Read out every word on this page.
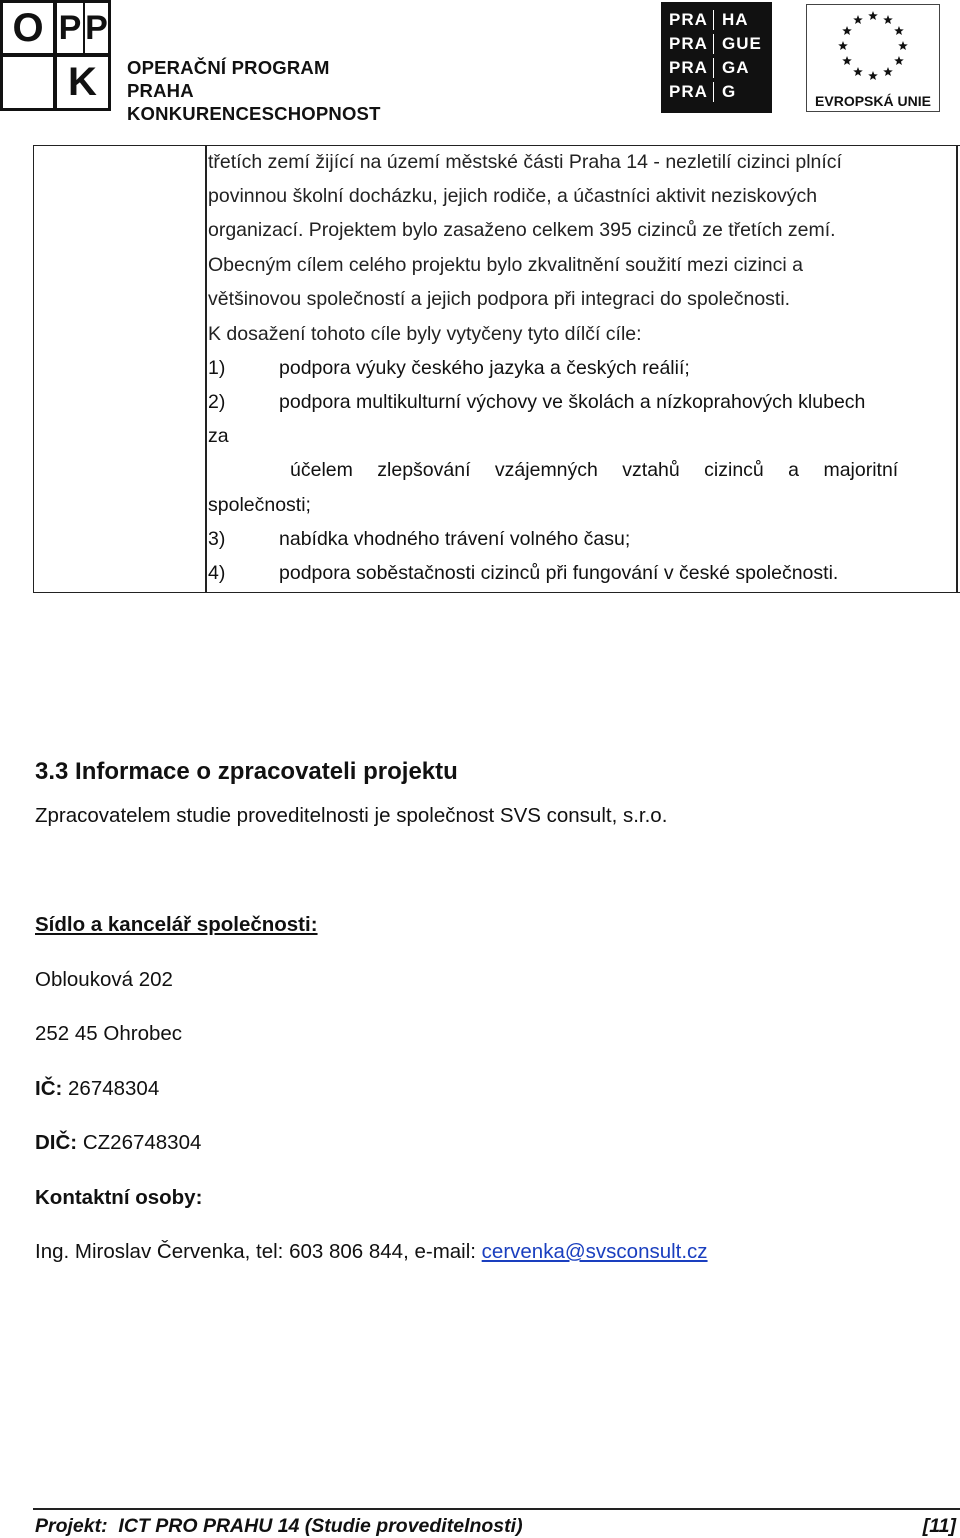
O P P
K	OPERAČNÍ PROGRAM PRAHA
KONKURENCESCHOPNOST
PRA HA
PRA GUE
PRA GA
PRA G	EVROPSKÁ UNIE
třetích zemí žijící na území městské části Praha 14 - nezletilí cizinci plnící
povinnou školní docházku, jejich rodiče, a účastníci aktivit neziskových
organizací. Projektem bylo zasaženo celkem 395 cizinců ze třetích zemí.
Obecným cílem celého projektu bylo zkvalitnění soužití mezi cizinci a
většinovou společností a jejich podpora při integraci do společnosti.
K dosažení tohoto cíle byly vytyčeny tyto dílčí cíle:
1)	podpora výuky českého jazyka a českých reálií;
2)	podpora multikulturní výchovy ve školách a nízkoprahových klubech
za
účelem zlepšování vzájemných vztahů cizinců a majoritní
společnosti;
3)	nabídka vhodného trávení volného času;
4)	podpora soběstačnosti cizinců při fungování v české společnosti.
3.3 Informace o zpracovateli projektu
Zpracovatelem studie proveditelnosti je společnost SVS consult, s.r.o.
Sídlo a kancelář společnosti:
Oblouková 202
252 45 Ohrobec
IČ: 26748304
DIČ: CZ26748304
Kontaktní osoby:
Ing. Miroslav Červenka, tel: 603 806 844, e-mail: cervenka@svsconsult.cz
Projekt:  ICT PRO PRAHU 14 (Studie proveditelnosti)	[11]
